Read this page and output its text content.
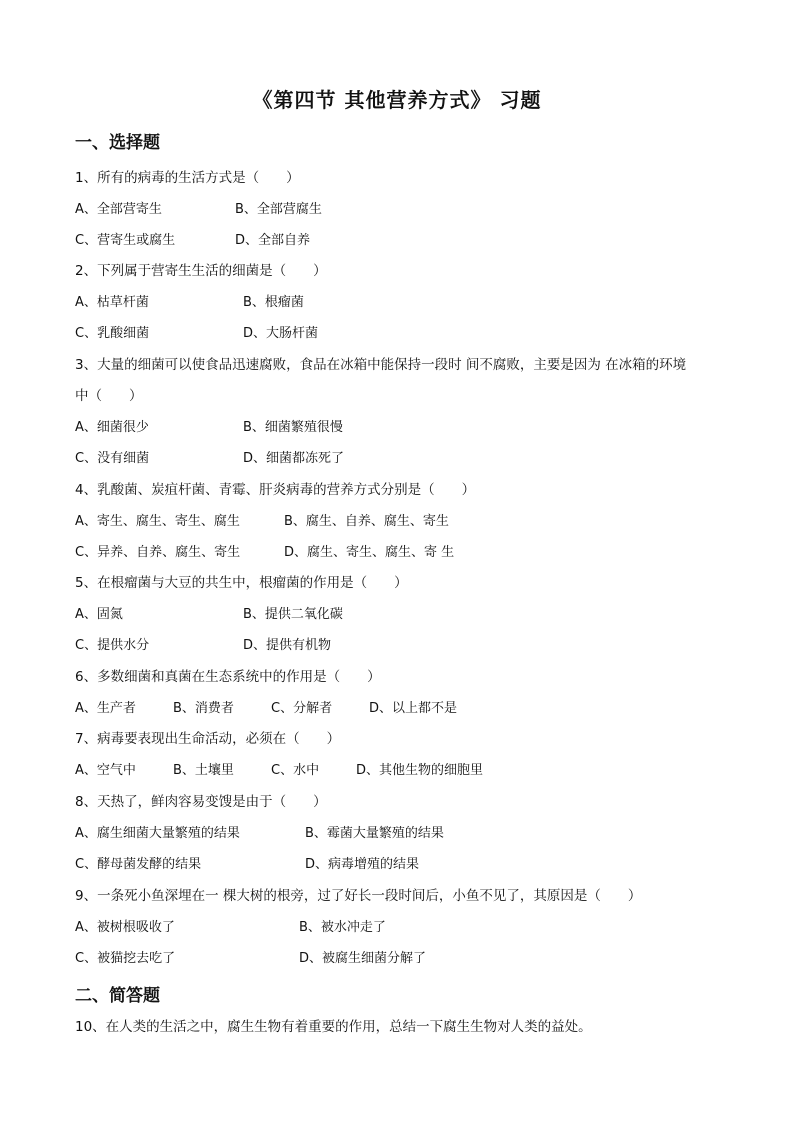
《第四节 其他营养方式》 习题
一、选择题
1、所有的病毒的生活方式是（　　）
A、全部营寄生	B、全部营腐生
C、营寄生或腐生	D、全部自养
2、下列属于营寄生生活的细菌是（　　）
A、枯草杆菌	B、根瘤菌
C、乳酸细菌	D、大肠杆菌
3、大量的细菌可以使食品迅速腐败，食品在冰箱中能保持一段时 间不腐败，主要是因为 在冰箱的环境
中（　　）
A、细菌很少	B、细菌繁殖很慢
C、没有细菌	D、细菌都冻死了
4、乳酸菌、炭疽杆菌、青霉、肝炎病毒的营养方式分别是（　　）
A、寄生、腐生、寄生、腐生	B、腐生、自养、腐生、寄生
C、异养、自养、腐生、寄生	D、腐生、寄生、腐生、寄 生
5、在根瘤菌与大豆的共生中，根瘤菌的作用是（　　）
A、固氮	B、提供二氧化碳
C、提供水分	D、提供有机物
6、多数细菌和真菌在生态系统中的作用是（　　）
A、生产者	B、消费者	C、分解者	D、以上都不是
7、病毒要表现出生命活动，必须在（　　）
A、空气中	B、土壤里	C、水中	D、其他生物的细胞里
8、天热了，鲜肉容易变馊是由于（　　）
A、腐生细菌大量繁殖的结果	B、霉菌大量繁殖的结果
C、酵母菌发酵的结果	D、病毒增殖的结果
9、一条死小鱼深埋在一 棵大树的根旁，过了好长一段时间后，小鱼不见了，其原因是（　　）
A、被树根吸收了	B、被水冲走了
C、被猫挖去吃了	D、被腐生细菌分解了
二、简答题
10、在人类的生活之中，腐生生物有着重要的作用，总结一下腐生生物对人类的益处。
